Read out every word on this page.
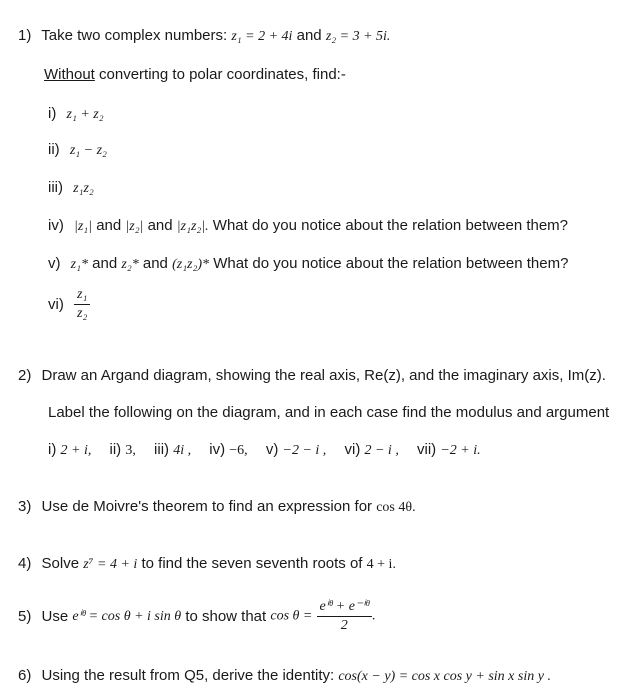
1) Take two complex numbers: z₁ = 2 + 4i and z₂ = 3 + 5i.
Without converting to polar coordinates, find:-
i) z₁ + z₂
ii) z₁ − z₂
iii) z₁z₂
iv) |z₁| and |z₂| and |z₁z₂|. What do you notice about the relation between them?
v) z₁* and z₂* and (z₁z₂)* What do you notice about the relation between them?
$vi) \frac{\text{z₁}}{\text{z₂}}$
2) Draw an Argand diagram, showing the real axis, Re(z), and the imaginary axis, Im(z).
Label the following on the diagram, and in each case find the modulus and argument
i) 2 + i, ii) 3, iii) 4i , iv) −6, v) −2 − i , vi) 2 − i , vii) −2 + i.
3) Use de Moivre's theorem to find an expression for cos 4θ.
4) Solve z⁷ = 4 + i to find the seven seventh roots of 4 + i.
5) Use eⁱᶿ = cos θ + i sin θ to show that $\cos \theta = \frac{\text{eⁱᶿ + e⁻ⁱᶿ}}{2}$ .
6) Using the result from Q5, derive the identity: cos(x − y) = cos x cos y + sin x sin y .
